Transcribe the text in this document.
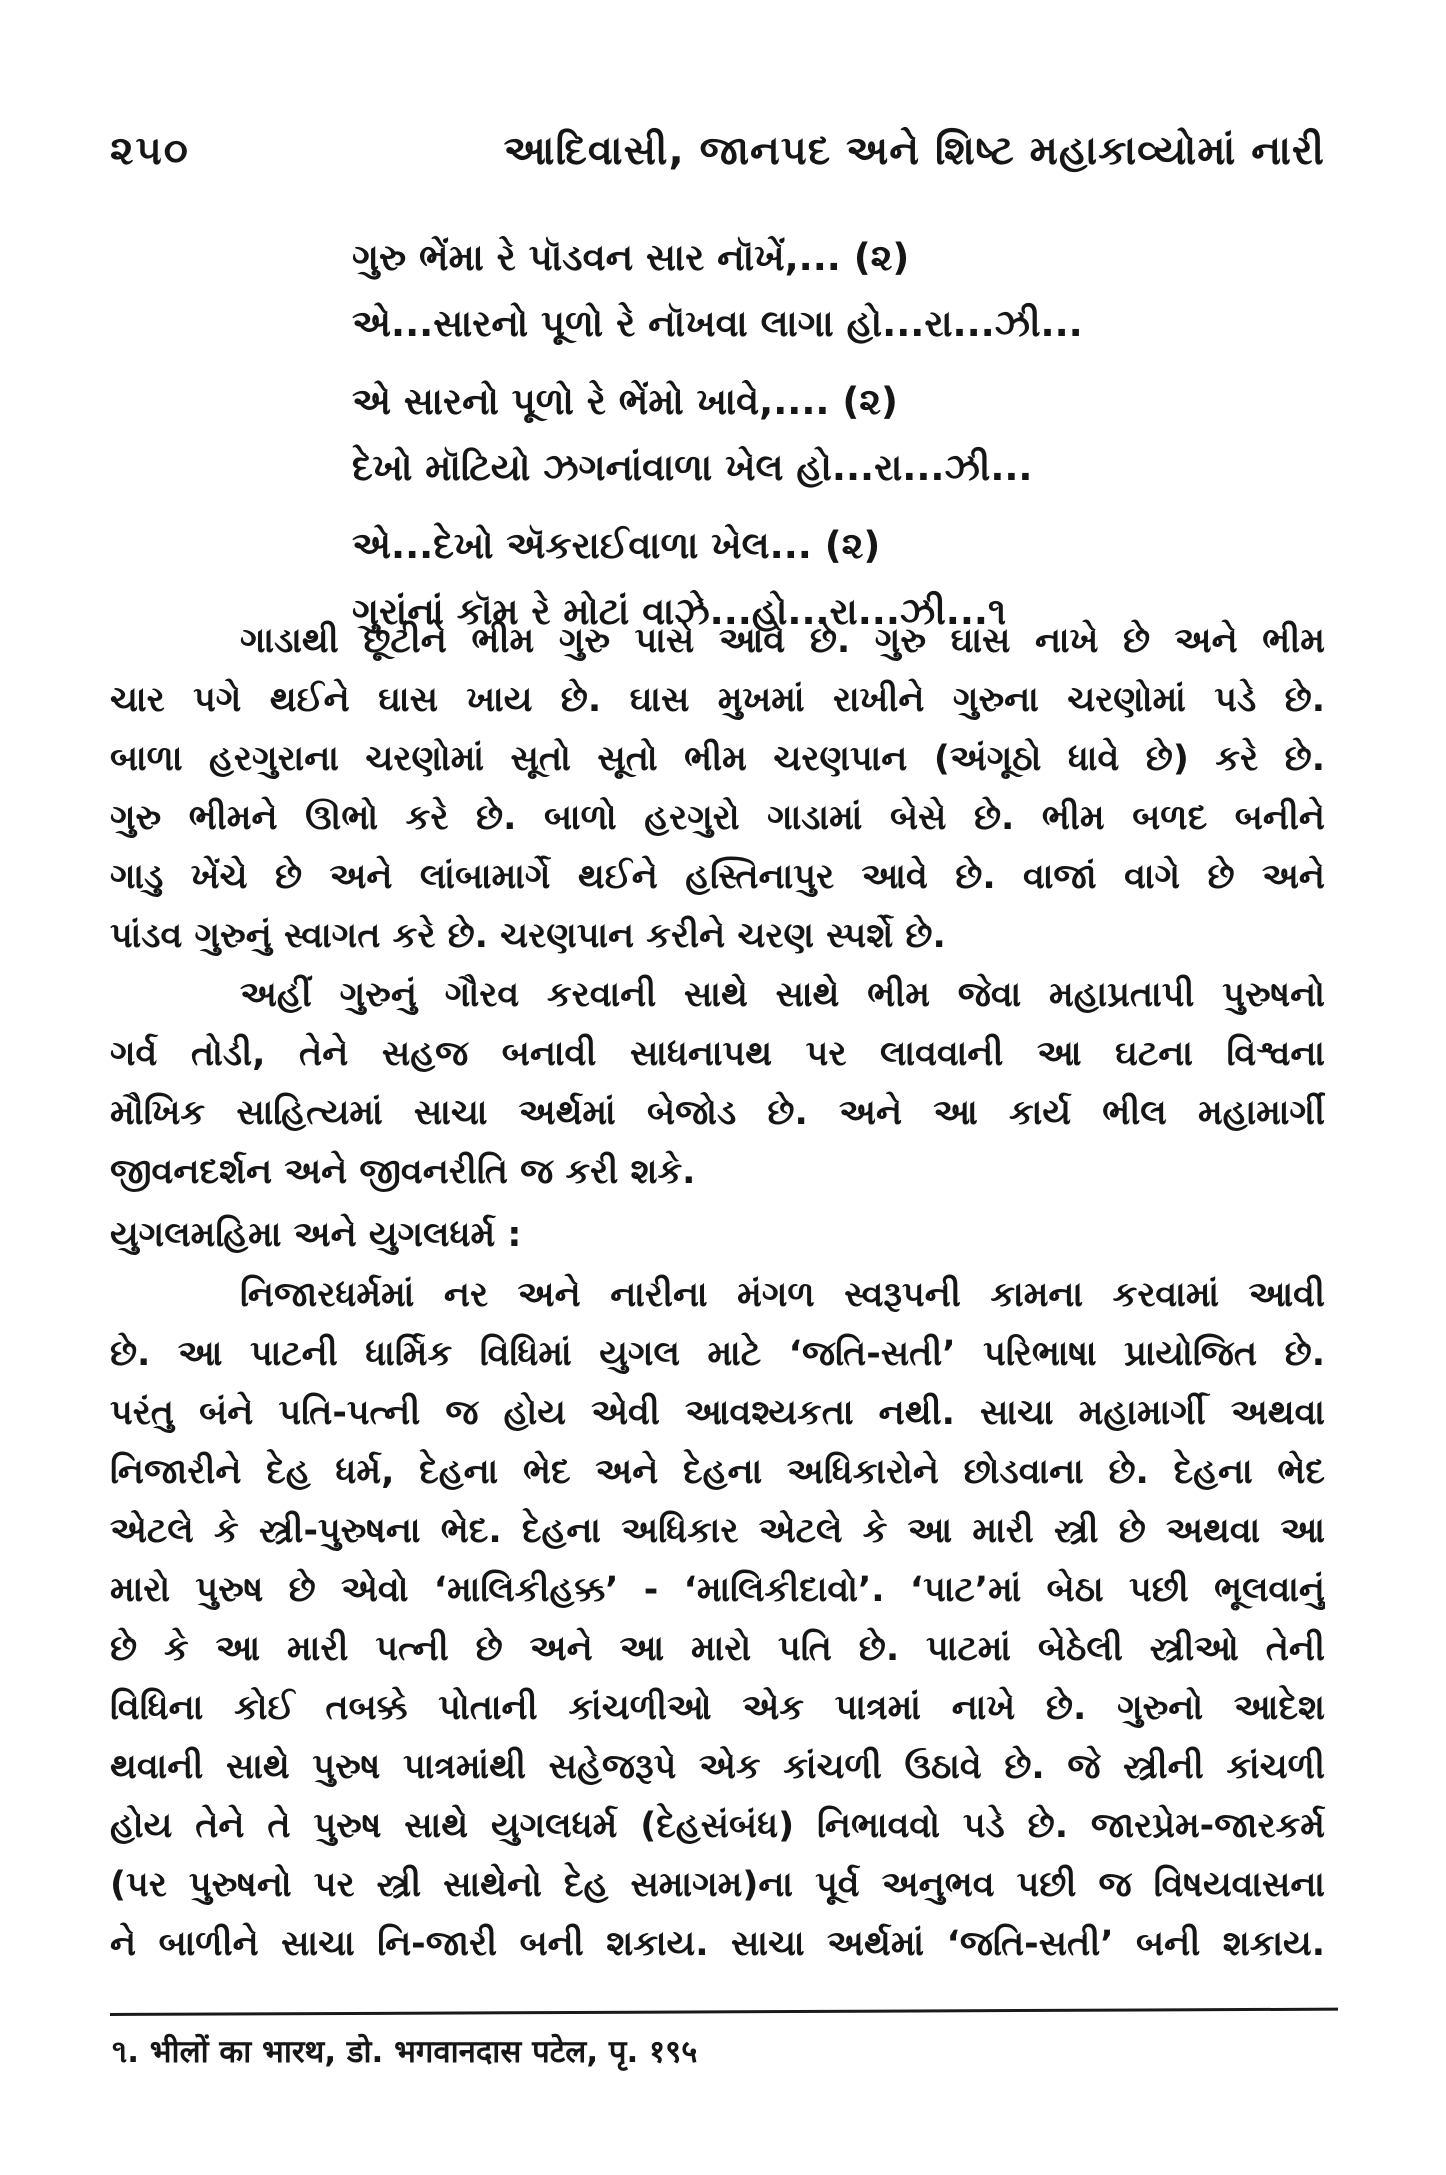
૨૫૦	આદિવાસી, જાનપદ અને શિષ્ટ મહાકાવ્યોમાં નારી
ગુરુ ભેંમા રે પૉડવન સાર નૉખેં,... (૨)
એ...સારનો પૂળો રે નૉખવા લાગા હો...રા...ઝી...
એ સારનો પૂળો રે ભેંમો ખાવે,.... (૨)
દેખો મૉટિયો ઝગનાંવાળા ખેલ હો...રા...ઝી...
એ...દેખો ઍકરાઈવાળા ખેલ... (૨)
ગુરાંનાં કૉમ રે મોટાં વાઝે...હો...રા...ઝી...૧
ગાડાથી છૂટીને ભીમ ગુરુ પાસે આવે છે. ગુરુ ઘાસ નાખે છે અને ભીમ
ચાર પગે થઈને ઘાસ ખાય છે. ઘાસ મુખમાં રાખીને ગુરુના ચરણોમાં પડે છે.
બાળા હરગુરાના ચરણોમાં સૂતો સૂતો ભીમ ચરણપાન (અંગૂઠો ધાવે છે) કરે છે.
ગુરુ ભીમને ઊભો કરે છે. બાળો હરગુરો ગાડામાં બેસે છે. ભીમ બળદ બનીને
ગાડુ ખેંચે છે અને લાંબામાર્ગે થઈને હસ્તિનાપુર આવે છે. વાજાં વાગે છે અને
પાંડવ ગુરુનું સ્વાગત કરે છે. ચરણપાન કરીને ચરણ સ્પર્શે છે.
અહીં ગુરુનું ગૌરવ કરવાની સાથે સાથે ભીમ જેવા મહાપ્રતાપી પુરુષનો
ગર્વ તોડી, તેને સહજ બનાવી સાધનાપથ પર લાવવાની આ ઘટના વિશ્વના
મૌખિક સાહિત્યમાં સાચા અર્થમાં બેજોડ છે. અને આ કાર્ય ભીલ મહામાર્ગી
જીવનદર્શન અને જીવનરીતિ જ કરી શકે.
યુગલમહિમા અને યુગલધર્મ :
નિજારધર્મમાં નર અને નારીના મંગળ સ્વરૂપની કામના કરવામાં આવી
છે. આ પાટની ધાર્મિક વિધિમાં યુગલ માટે ‘જતિ-સતી’ પરિભાષા પ્રાયોજિત છે.
પરંતુ બંને પતિ-પત્ની જ હોય એવી આવશ્યકતા નથી. સાચા મહામાર્ગી અથવા
નિજારીને દેહ ધર્મ, દેહના ભેદ અને દેહના અધિકારોને છોડવાના છે. દેહના ભેદ
એટલે કે સ્ત્રી-પુરુષના ભેદ. દેહના અધિકાર એટલે કે આ મારી સ્ત્રી છે અથવા આ
મારો પુરુષ છે એવો ‘માલિકીહક્ક’ - ‘માલિકીદાવો’. ‘પાટ’માં બેઠા પછી ભૂલવાનું
છે કે આ મારી પત્ની છે અને આ મારો પતિ છે. પાટમાં બેઠેલી સ્ત્રીઓ તેની
વિધિના કોઈ તબક્કે પોતાની કાંચળીઓ એક પાત્રમાં નાખે છે. ગુરુનો આદેશ
થવાની સાથે પુરુષ પાત્રમાંથી સહેજરૂપે એક કાંચળી ઉઠાવે છે. જે સ્ત્રીની કાંચળી
હોય તેને તે પુરુષ સાથે યુગલધર્મ (દેહસંબંધ) નિભાવવો પડે છે. જારપ્રેમ-જારકર્મ
(પર પુરુષનો પર સ્ત્રી સાથેનો દેહ સમાગમ)ના પૂર્વ અનુભવ પછી જ વિષયવાસના
ને બાળીને સાચા નિ-જારી બની શકાય. સાચા અર્થમાં ‘જતિ-સતી’ બની શકાય.
૧. भीलों का भारथ, डो. भगवानदास पटेल, पृ. १९५
